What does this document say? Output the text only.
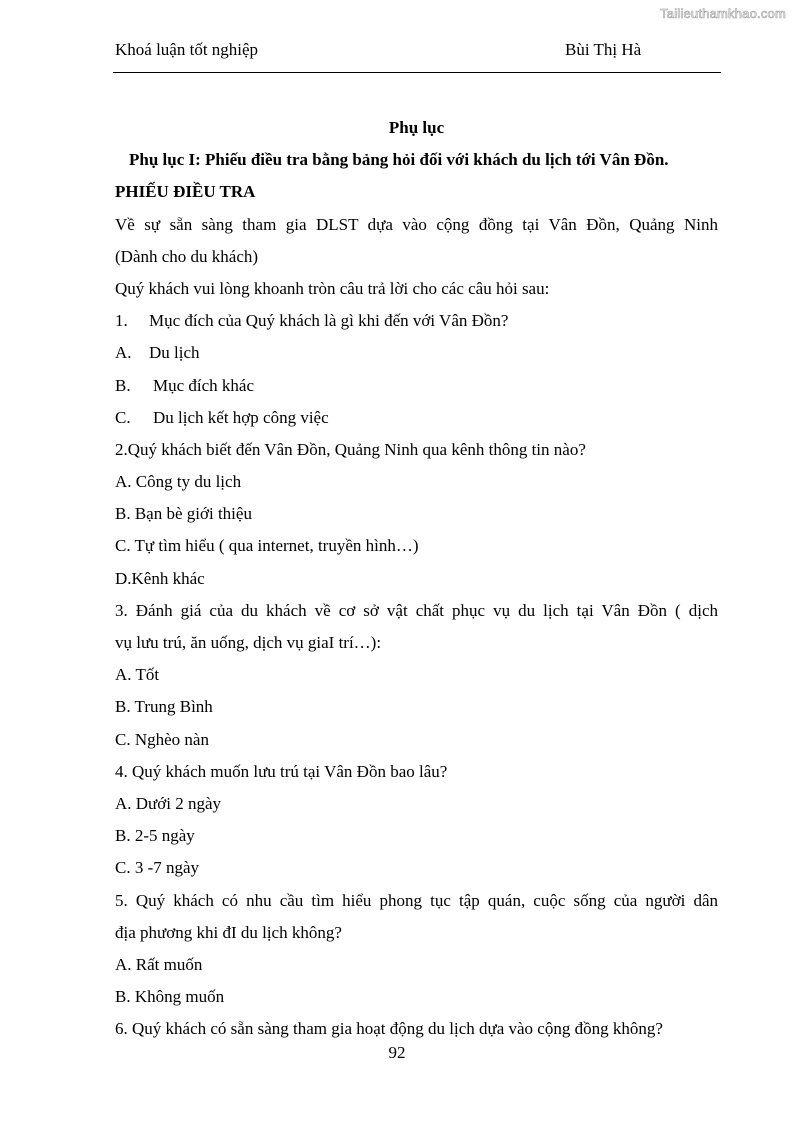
Tailieuthamkhao.com
Khoá luận tốt nghiệp	Bùi Thị Hà
Phụ lục
Phụ lục I: Phiếu điều tra bằng bảng hỏi đối với khách du lịch tới Vân Đồn.
PHIẾU ĐIỀU TRA
Về sự sẵn sàng tham gia DLST dựa vào cộng đồng tại Vân Đồn, Quảng Ninh
(Dành cho du khách)
Quý khách vui lòng khoanh tròn câu trả lời cho các câu hỏi sau:
1. Mục đích của Quý khách là gì khi đến với Vân Đồn?
A. Du lịch
B. Mục đích khác
C. Du lịch kết hợp công việc
2.Quý khách biết đến Vân Đồn, Quảng Ninh qua kênh thông tin nào?
A. Công ty du lịch
B. Bạn bè giới thiệu
C. Tự tìm hiểu ( qua internet, truyền hình…)
D.Kênh khác
3. Đánh giá của du khách về cơ sở vật chất phục vụ du lịch tại Vân Đồn ( dịch
vụ lưu trú, ăn uống, dịch vụ giaI trí…):
A. Tốt
B. Trung Bình
C. Nghèo nàn
4. Quý khách muốn lưu trú tại Vân Đồn bao lâu?
A. Dưới 2 ngày
B. 2-5 ngày
C. 3 -7 ngày
5. Quý khách có nhu cầu tìm hiểu phong tục tập quán, cuộc sống của người dân
địa phương khi đI du lịch không?
A. Rất muốn
B. Không muốn
6. Quý khách có sẵn sàng tham gia hoạt động du lịch dựa vào cộng đồng không?
92
